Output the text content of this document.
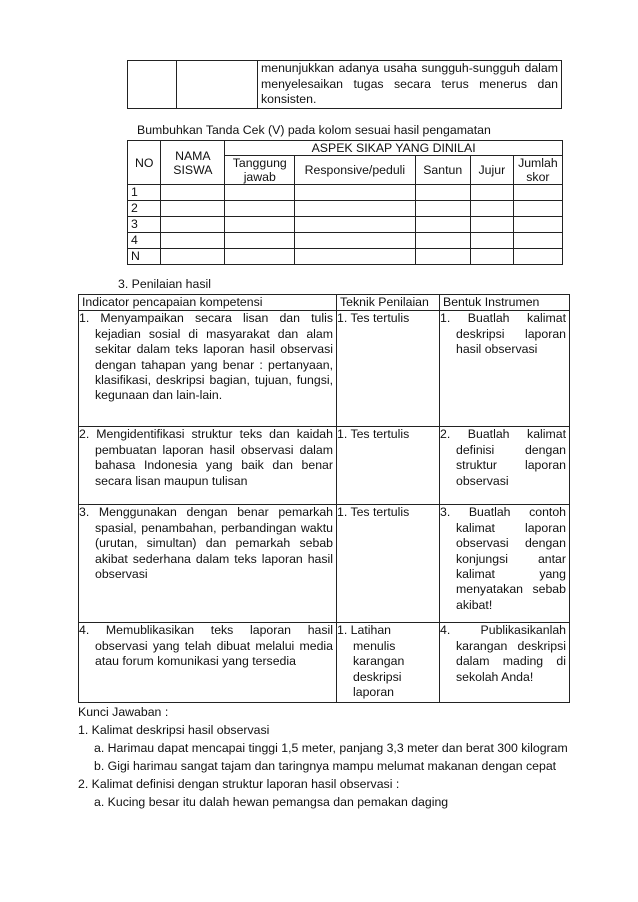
		menunjukkan adanya usaha sungguh-sungguh dalam menyelesaikan tugas secara terus menerus dan konsisten.
Bumbuhkan Tanda Cek (V) pada kolom sesuai hasil pengamatan
NO	NAMA SISWA	ASPEK SIKAP YANG DINILAI				
		Tanggung jawab	Responsive/peduli	Santun	Jujur	Jumlah skor
1						
2						
3						
4						
N						
3. Penilaian hasil
Indicator pencapaian kompetensi	Teknik Penilaian	Bentuk Instrumen
1. Menyampaikan secara lisan dan tulis kejadian sosial di masyarakat dan alam sekitar dalam teks laporan hasil observasi dengan tahapan yang benar : pertanyaan, klasifikasi, deskripsi bagian, tujuan, fungsi, kegunaan dan lain-lain.	1. Tes tertulis	1. Buatlah kalimat deskripsi laporan hasil observasi
2. Mengidentifikasi struktur teks dan kaidah pembuatan laporan hasil observasi dalam bahasa Indonesia yang baik dan benar secara lisan maupun tulisan	1. Tes tertulis	2. Buatlah kalimat definisi dengan struktur laporan observasi
3. Menggunakan dengan benar pemarkah spasial, penambahan, perbandingan waktu (urutan, simultan) dan pemarkah sebab akibat sederhana dalam teks laporan hasil observasi	1. Tes tertulis	3. Buatlah contoh kalimat laporan observasi dengan konjungsi antar kalimat yang menyatakan sebab akibat!
4. Memublikasikan teks laporan hasil observasi yang telah dibuat melalui media atau forum komunikasi yang tersedia	1. Latihan menulis karangan deskripsi laporan	4. Publikasikanlah karangan deskripsi dalam mading di sekolah Anda!
Kunci Jawaban :
1. Kalimat deskripsi hasil observasi
a. Harimau dapat mencapai tinggi 1,5 meter, panjang 3,3 meter dan berat 300 kilogram
b. Gigi harimau sangat tajam dan taringnya mampu melumat makanan dengan cepat
2. Kalimat definisi dengan struktur laporan hasil observasi :
a. Kucing besar itu dalah hewan pemangsa dan pemakan daging
